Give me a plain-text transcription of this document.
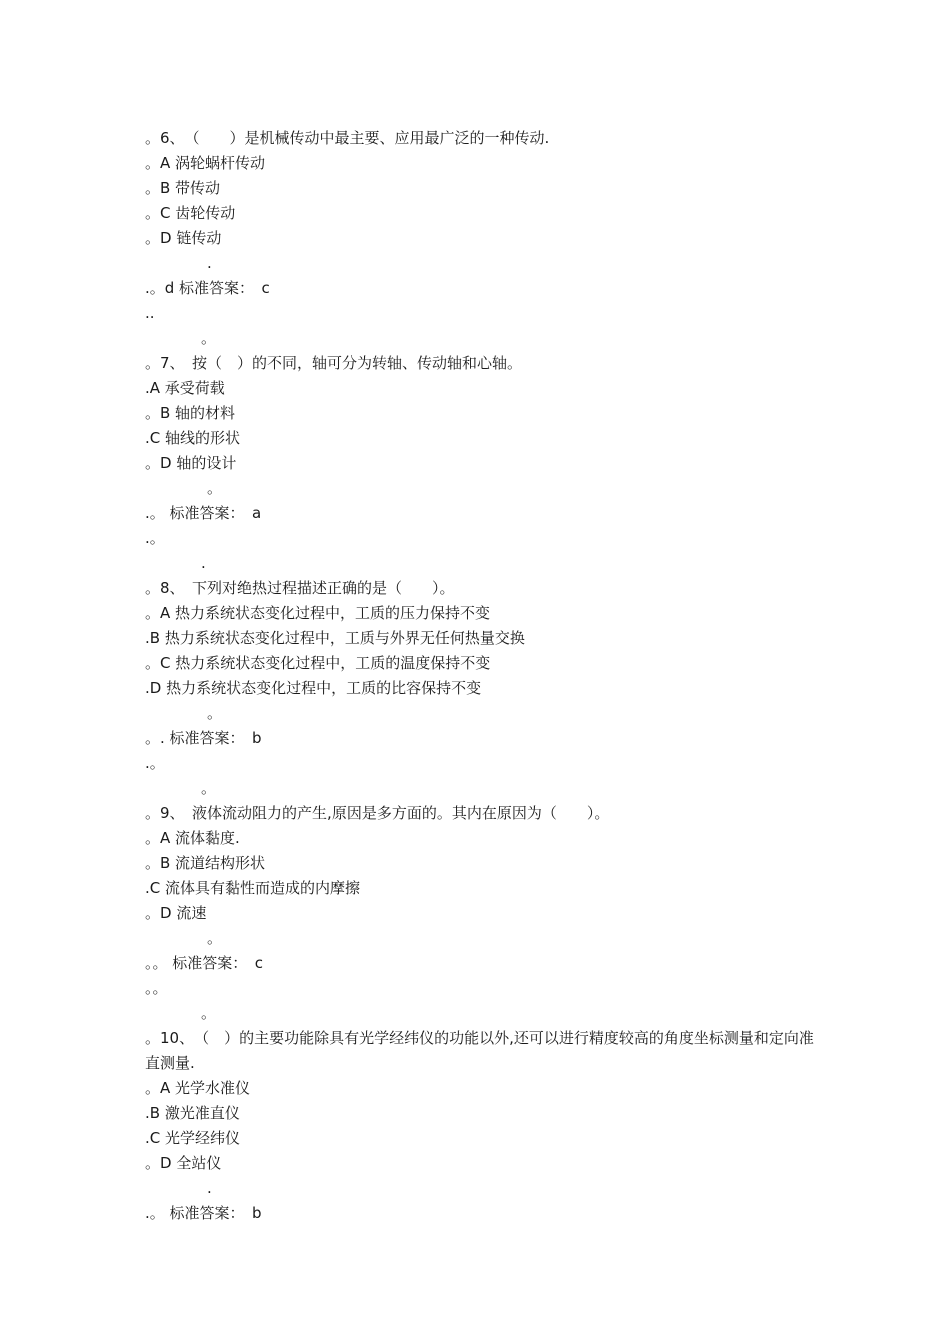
。6、　（　　）是机械传动中最主要、应用最广泛的一种传动.
。A 涡轮蜗杆传动
。B 带传动
。C 齿轮传动
。D 链传动
.
.。d 标准答案：　c
..
。
。7、　按（　）的不同，轴可分为转轴、传动轴和心轴。
.A 承受荷载
。B 轴的材料
.C 轴线的形状
。D 轴的设计
。
.。 标准答案：　a
.。
.
。8、　下列对绝热过程描述正确的是（　　）。
。A 热力系统状态变化过程中，工质的压力保持不变
.B 热力系统状态变化过程中，工质与外界无任何热量交换
。C 热力系统状态变化过程中，工质的温度保持不变
.D 热力系统状态变化过程中，工质的比容保持不变
。
。. 标准答案：　b
.。
。
。9、　液体流动阻力的产生,原因是多方面的。其内在原因为（　　）。
。A 流体黏度.
。B 流道结构形状
.C 流体具有黏性而造成的内摩擦
。D 流速
。
。。 标准答案：　c
。。
。
。10、　（　）的主要功能除具有光学经纬仪的功能以外,还可以进行精度较高的角度坐标测量和定向准直测量.
。A 光学水准仪
.B 激光准直仪
.C 光学经纬仪
。D 全站仪
.
.。 标准答案：　b
